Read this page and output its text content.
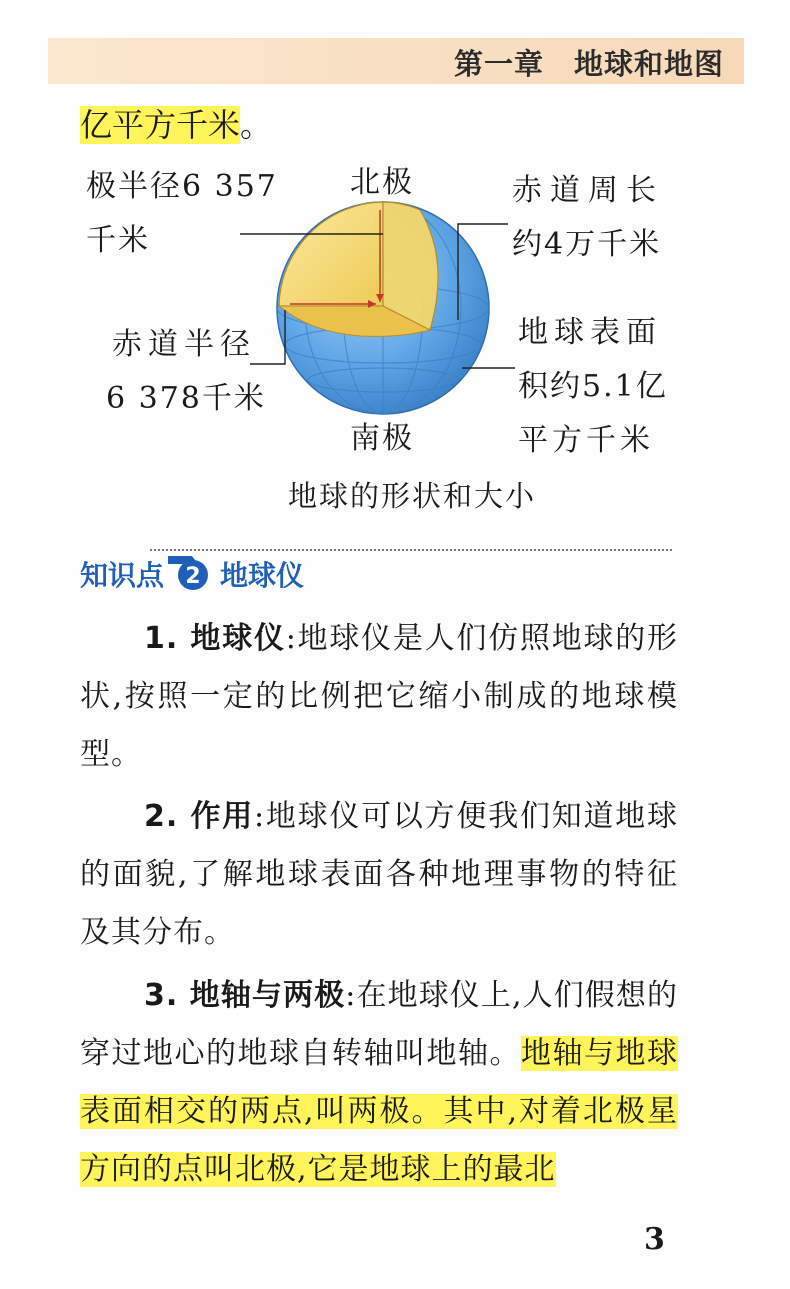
第一章　地球和地图
亿平方千米。
极半径6 357
千米
北极	赤道周长
约4万千米
赤道半径
6 378千米
地球表面
积约5.1亿
平方千米
南极
地球的形状和大小
知识点 2 地球仪
1. 地球仪:地球仪是人们仿照地球的形状,按照一定的比例把它缩小制成的地球模型。
2. 作用:地球仪可以方便我们知道地球的面貌,了解地球表面各种地理事物的特征及其分布。
3. 地轴与两极:在地球仪上,人们假想的穿过地心的地球自转轴叫地轴。地轴与地球表面相交的两点,叫两极。其中,对着北极星方向的点叫北极,它是地球上的最北
3
